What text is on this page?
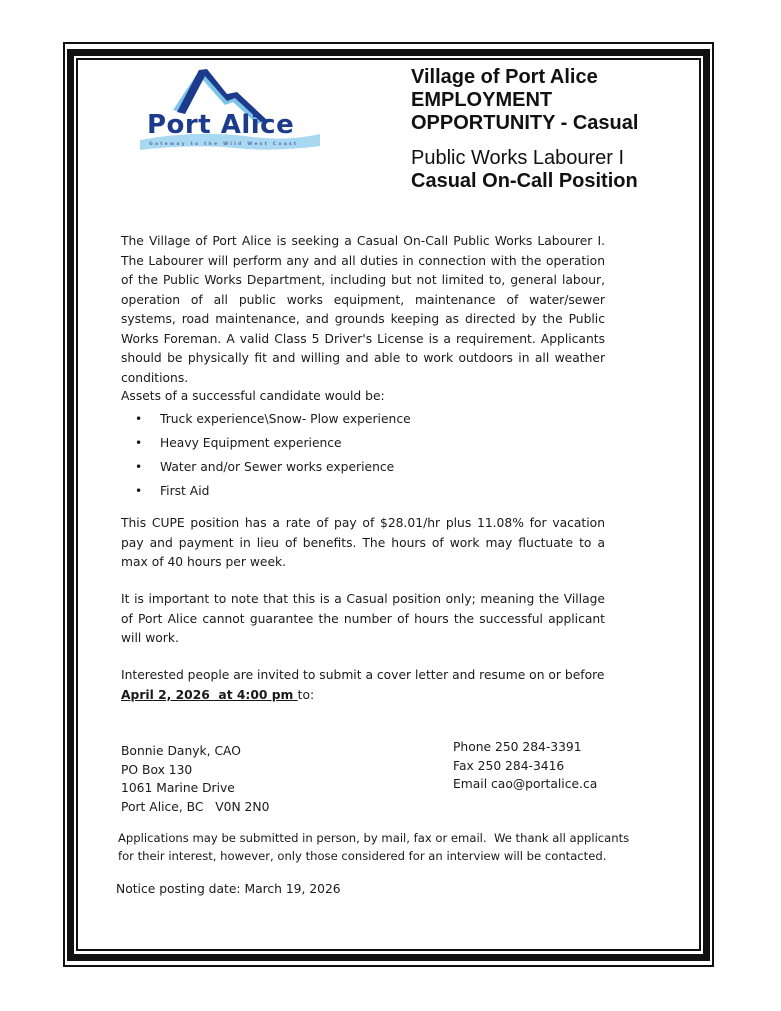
Port Alice
Gateway to the Wild West Coast
Village of Port Alice
EMPLOYMENT
OPPORTUNITY - Casual
Public Works Labourer I
Casual On-Call Position
The Village of Port Alice is seeking a Casual On-Call Public Works Labourer I. The Labourer will perform any and all duties in connection with the operation of the Public Works Department, including but not limited to, general labour, operation of all public works equipment, maintenance of water/sewer systems, road maintenance, and grounds keeping as directed by the Public Works Foreman. A valid Class 5 Driver's License is a requirement. Applicants should be physically fit and willing and able to work outdoors in all weather conditions.
Assets of a successful candidate would be:
• Truck experience\Snow- Plow experience
• Heavy Equipment experience
• Water and/or Sewer works experience
• First Aid
This CUPE position has a rate of pay of $28.01/hr plus 11.08% for vacation pay and payment in lieu of benefits. The hours of work may fluctuate to a max of 40 hours per week.
It is important to note that this is a Casual position only; meaning the Village of Port Alice cannot guarantee the number of hours the successful applicant will work.
Interested people are invited to submit a cover letter and resume on or before
April 2, 2026  at 4:00 pm to:
Bonnie Danyk, CAO
PO Box 130
1061 Marine Drive
Port Alice, BC   V0N 2N0
Phone 250 284-3391
Fax 250 284-3416
Email cao@portalice.ca
Applications may be submitted in person, by mail, fax or email.  We thank all applicants for their interest, however, only those considered for an interview will be contacted.
Notice posting date: March 19, 2026
